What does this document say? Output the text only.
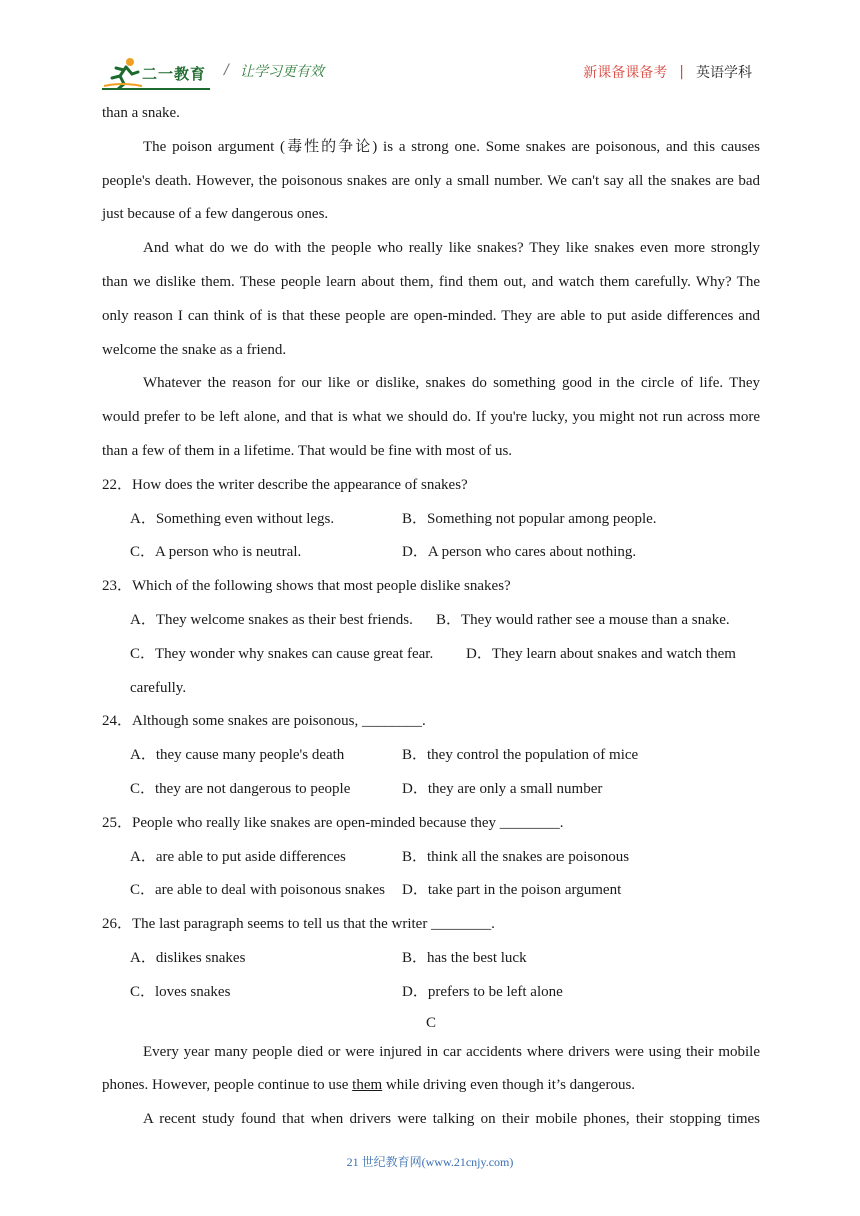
二一教育 / 让学习更有效	新课备课备考 | 英语学科
than a snake.
The poison argument (毒性的争论) is a strong one. Some snakes are poisonous, and this causes
people's death. However, the poisonous snakes are only a small number. We can't say all the snakes are bad
just because of a few dangerous ones.
And what do we do with the people who really like snakes? They like snakes even more strongly
than we dislike them. These people learn about them, find them out, and watch them carefully. Why? The
only reason I can think of is that these people are open-minded. They are able to put aside differences and
welcome the snake as a friend.
Whatever the reason for our like or dislike, snakes do something good in the circle of life. They
would prefer to be left alone, and that is what we should do. If you're lucky, you might not run across more
than a few of them in a lifetime. That would be fine with most of us.
22．How does the writer describe the appearance of snakes?
A．Something even without legs.	B．Something not popular among people.
C．A person who is neutral.	D．A person who cares about nothing.
23．Which of the following shows that most people dislike snakes?
A．They welcome snakes as their best friends. B．They would rather see a mouse than a snake.
C．They wonder why snakes can cause great fear. D．They learn about snakes and watch them
carefully.
24．Although some snakes are poisonous, ________.
A．they cause many people's death	B．they control the population of mice
C．they are not dangerous to people	D．they are only a small number
25．People who really like snakes are open-minded because they ________.
A．are able to put aside differences	B．think all the snakes are poisonous
C．are able to deal with poisonous snakes D．take part in the poison argument
26．The last paragraph seems to tell us that the writer ________.
A．dislikes snakes	B．has the best luck
C．loves snakes	D．prefers to be left alone
C
Every year many people died or were injured in car accidents where drivers were using their mobile
phones. However, people continue to use them while driving even though it’s dangerous.
A recent study found that when drivers were talking on their mobile phones, their stopping times
21 世纪教育网(www.21cnjy.com)
